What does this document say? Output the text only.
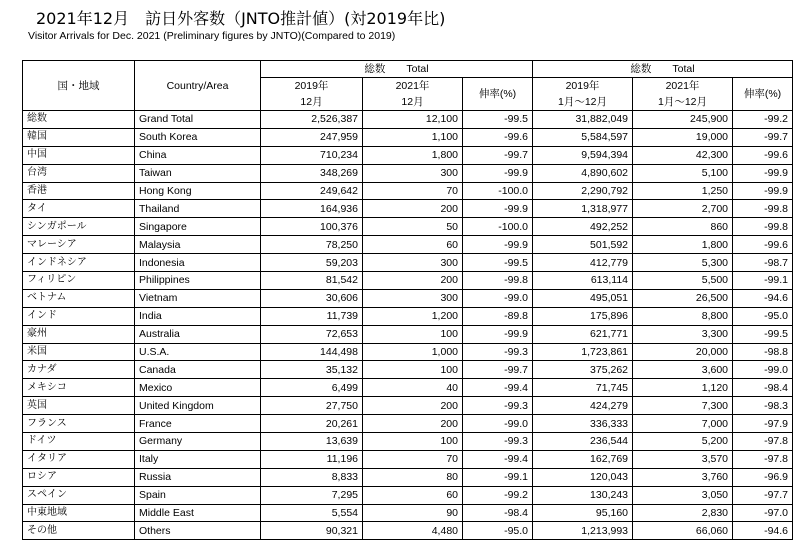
2021年12月　訪日外客数（JNTO推計値）(対2019年比)
Visitor Arrivals for Dec. 2021 (Preliminary figures by JNTO)(Compared to 2019)
国・地域	Country/Area	総数　　Total			総数　　Total		
		2019年	2021年	伸率(%)	2019年	2021年	伸率(%)
		12月	12月		1月～12月	1月～12月	
総数	Grand Total	2,526,387	12,100	-99.5	31,882,049	245,900	-99.2
韓国	South Korea	247,959	1,100	-99.6	5,584,597	19,000	-99.7
中国	China	710,234	1,800	-99.7	9,594,394	42,300	-99.6
台湾	Taiwan	348,269	300	-99.9	4,890,602	5,100	-99.9
香港	Hong Kong	249,642	70	-100.0	2,290,792	1,250	-99.9
タイ	Thailand	164,936	200	-99.9	1,318,977	2,700	-99.8
シンガポール	Singapore	100,376	50	-100.0	492,252	860	-99.8
マレーシア	Malaysia	78,250	60	-99.9	501,592	1,800	-99.6
インドネシア	Indonesia	59,203	300	-99.5	412,779	5,300	-98.7
フィリピン	Philippines	81,542	200	-99.8	613,114	5,500	-99.1
ベトナム	Vietnam	30,606	300	-99.0	495,051	26,500	-94.6
インド	India	11,739	1,200	-89.8	175,896	8,800	-95.0
豪州	Australia	72,653	100	-99.9	621,771	3,300	-99.5
米国	U.S.A.	144,498	1,000	-99.3	1,723,861	20,000	-98.8
カナダ	Canada	35,132	100	-99.7	375,262	3,600	-99.0
メキシコ	Mexico	6,499	40	-99.4	71,745	1,120	-98.4
英国	United Kingdom	27,750	200	-99.3	424,279	7,300	-98.3
フランス	France	20,261	200	-99.0	336,333	7,000	-97.9
ドイツ	Germany	13,639	100	-99.3	236,544	5,200	-97.8
イタリア	Italy	11,196	70	-99.4	162,769	3,570	-97.8
ロシア	Russia	8,833	80	-99.1	120,043	3,760	-96.9
スペイン	Spain	7,295	60	-99.2	130,243	3,050	-97.7
中東地域	Middle East	5,554	90	-98.4	95,160	2,830	-97.0
その他	Others	90,321	4,480	-95.0	1,213,993	66,060	-94.6
